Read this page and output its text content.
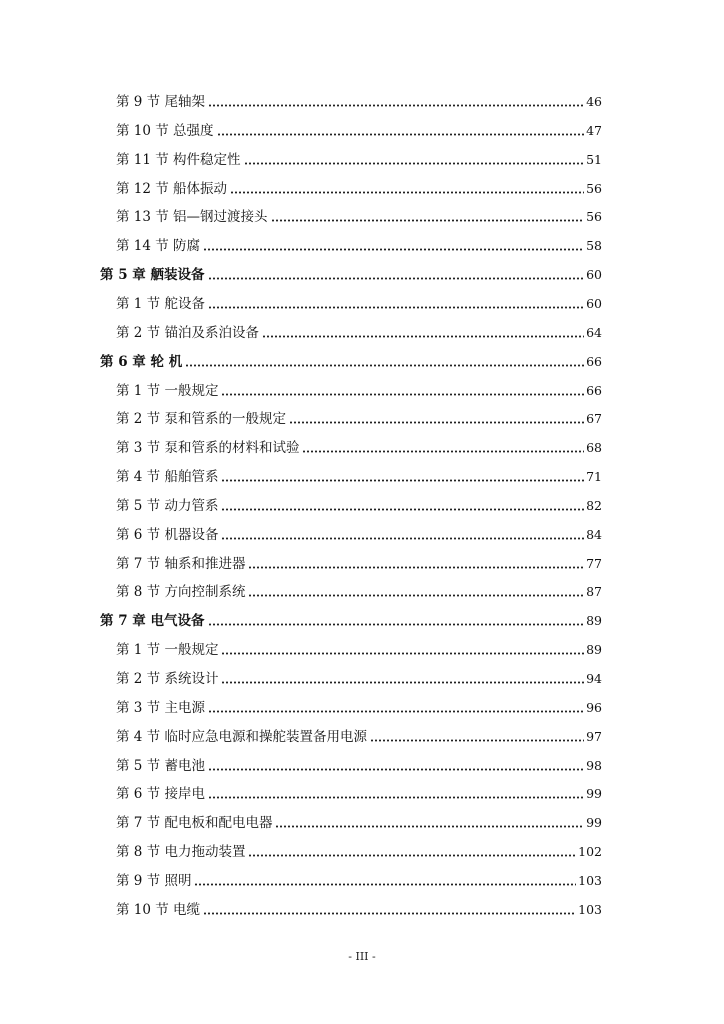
第 9 节 尾轴架	46
第 10 节 总强度	47
第 11 节 构件稳定性	51
第 12 节 船体振动	56
第 13 节 铝—钢过渡接头	56
第 14 节 防腐	58
第 5 章 舾装设备	60
第 1 节 舵设备	60
第 2 节 锚泊及系泊设备	64
第 6 章 轮 机	66
第 1 节 一般规定	66
第 2 节 泵和管系的一般规定	67
第 3 节 泵和管系的材料和试验	68
第 4 节 船舶管系	71
第 5 节 动力管系	82
第 6 节 机器设备	84
第 7 节 轴系和推进器	77
第 8 节 方向控制系统	87
第 7 章 电气设备	89
第 1 节 一般规定	89
第 2 节 系统设计	94
第 3 节 主电源	96
第 4 节 临时应急电源和操舵装置备用电源	97
第 5 节 蓄电池	98
第 6 节 接岸电	99
第 7 节 配电板和配电电器	99
第 8 节 电力拖动装置	102
第 9 节 照明	103
第 10 节 电缆	103
- III -
